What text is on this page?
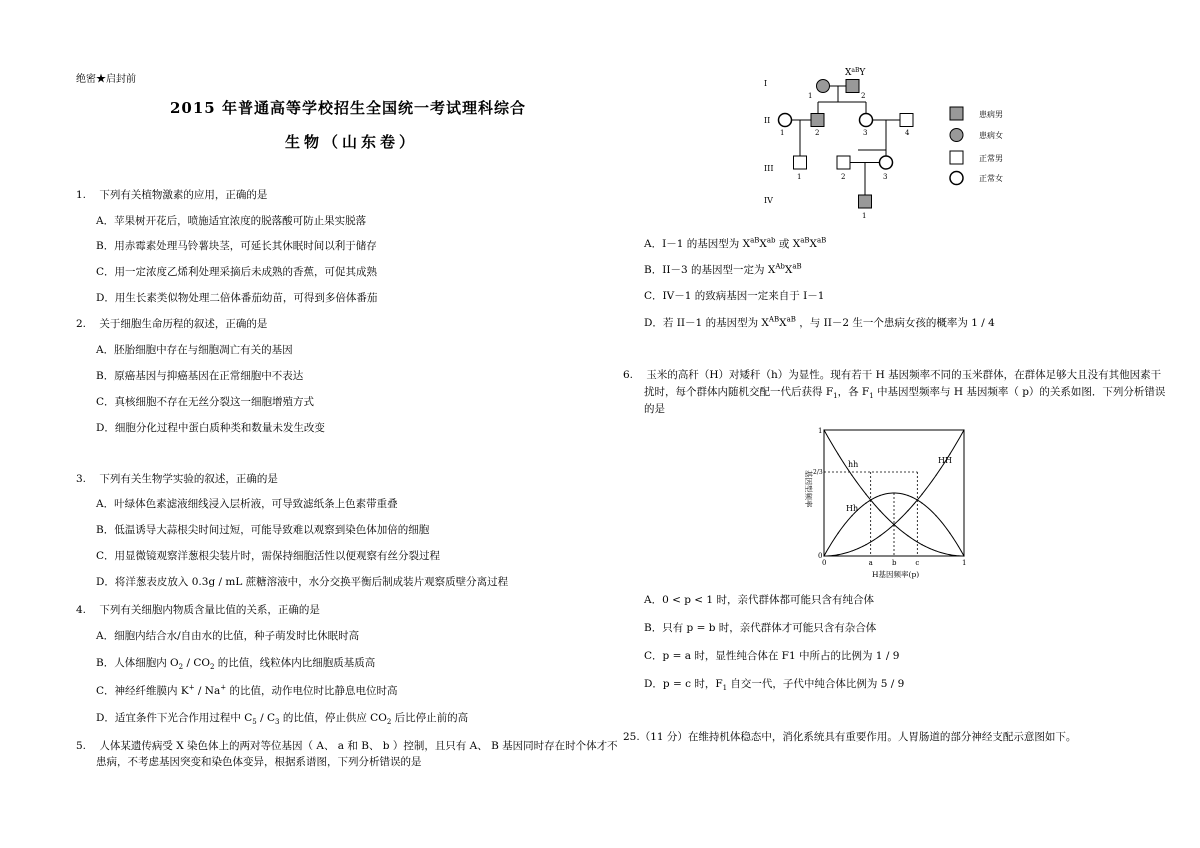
绝密★启封前
2015 年普通高等学校招生全国统一考试理科综合
生物（山东卷）
1. 下列有关植物激素的应用，正确的是
A．苹果树开花后，喷施适宜浓度的脱落酸可防止果实脱落
B．用赤霉素处理马铃薯块茎，可延长其休眠时间以利于储存
C．用一定浓度乙烯利处理采摘后未成熟的香蕉，可促其成熟
D．用生长素类似物处理二倍体番茄幼苗，可得到多倍体番茄
2. 关于细胞生命历程的叙述，正确的是
A．胚胎细胞中存在与细胞凋亡有关的基因
B．原癌基因与抑癌基因在正常细胞中不表达
C．真核细胞不存在无丝分裂这一细胞增殖方式
D．细胞分化过程中蛋白质种类和数量未发生改变
3. 下列有关生物学实验的叙述，正确的是
A．叶绿体色素滤液细线浸入层析液，可导致滤纸条上色素带重叠
B．低温诱导大蒜根尖时间过短，可能导致难以观察到染色体加倍的细胞
C．用显微镜观察洋葱根尖装片时，需保持细胞活性以便观察有丝分裂过程
D．将洋葱表皮放入 0.3g / mL 蔗糖溶液中，水分交换平衡后制成装片观察质壁分离过程
4. 下列有关细胞内物质含量比值的关系，正确的是
A．细胞内结合水/自由水的比值，种子萌发时比休眠时高
B．人体细胞内 $O_2 / CO_2$ 的比值，线粒体内比细胞质基质高
C．神经纤维膜内 K+ / Na+ 的比值，动作电位时比静息电位时高
D．适宜条件下光合作用过程中 $C_5 / C_3$ 的比值，停止供应 $CO_2$ 后比停止前的高
5. 人体某遗传病受 X 染色体上的两对等位基因（ A、 a 和 B、 b ）控制，且只有 A、 B 基因同时存在时个体才不
患病，不考虑基因突变和染色体变异，根据系谱图，下列分析错误的是
I
II
III
IV
$X^{aB}Y$
1	2
1	2	3	4
1	2	3
1
患病男
患病女
正常男
正常女
A．I－1 的基因型为 $X^{aB}X^{ab}$ 或 $X^{aB}X^{aB}$
B．II－3 的基因型一定为 $X^{Ab}X^{aB}$
C．IV－1 的致病基因一定来自于 I－1
D．若 II－1 的基因型为 $X^{AB}X^{aB}$ ，与 II－2 生一个患病女孩的概率为 1 / 4
6. 玉米的高秆（H）对矮秆（h）为显性。现有若干 H 基因频率不同的玉米群体，在群体足够大且没有其他因素干
扰时，每个群体内随机交配一代后获得 $F_1$，各 $F_1$ 中基因型频率与 H 基因频率（ p）的关系如图．下列分析错误
的是
0	a	b	c	1
0
1
2/3
hh	HH
Hh
H基因频率(p)
基因型频率
A．0 < p < 1 时，亲代群体都可能只含有纯合体
B．只有 p = b 时，亲代群体才可能只含有杂合体
C．p = a 时，显性纯合体在 F1 中所占的比例为 1 / 9
D．p = c 时，$F_1$ 自交一代，子代中纯合体比例为 5 / 9
25.（11 分）在维持机体稳态中，消化系统具有重要作用。人胃肠道的部分神经支配示意图如下。
